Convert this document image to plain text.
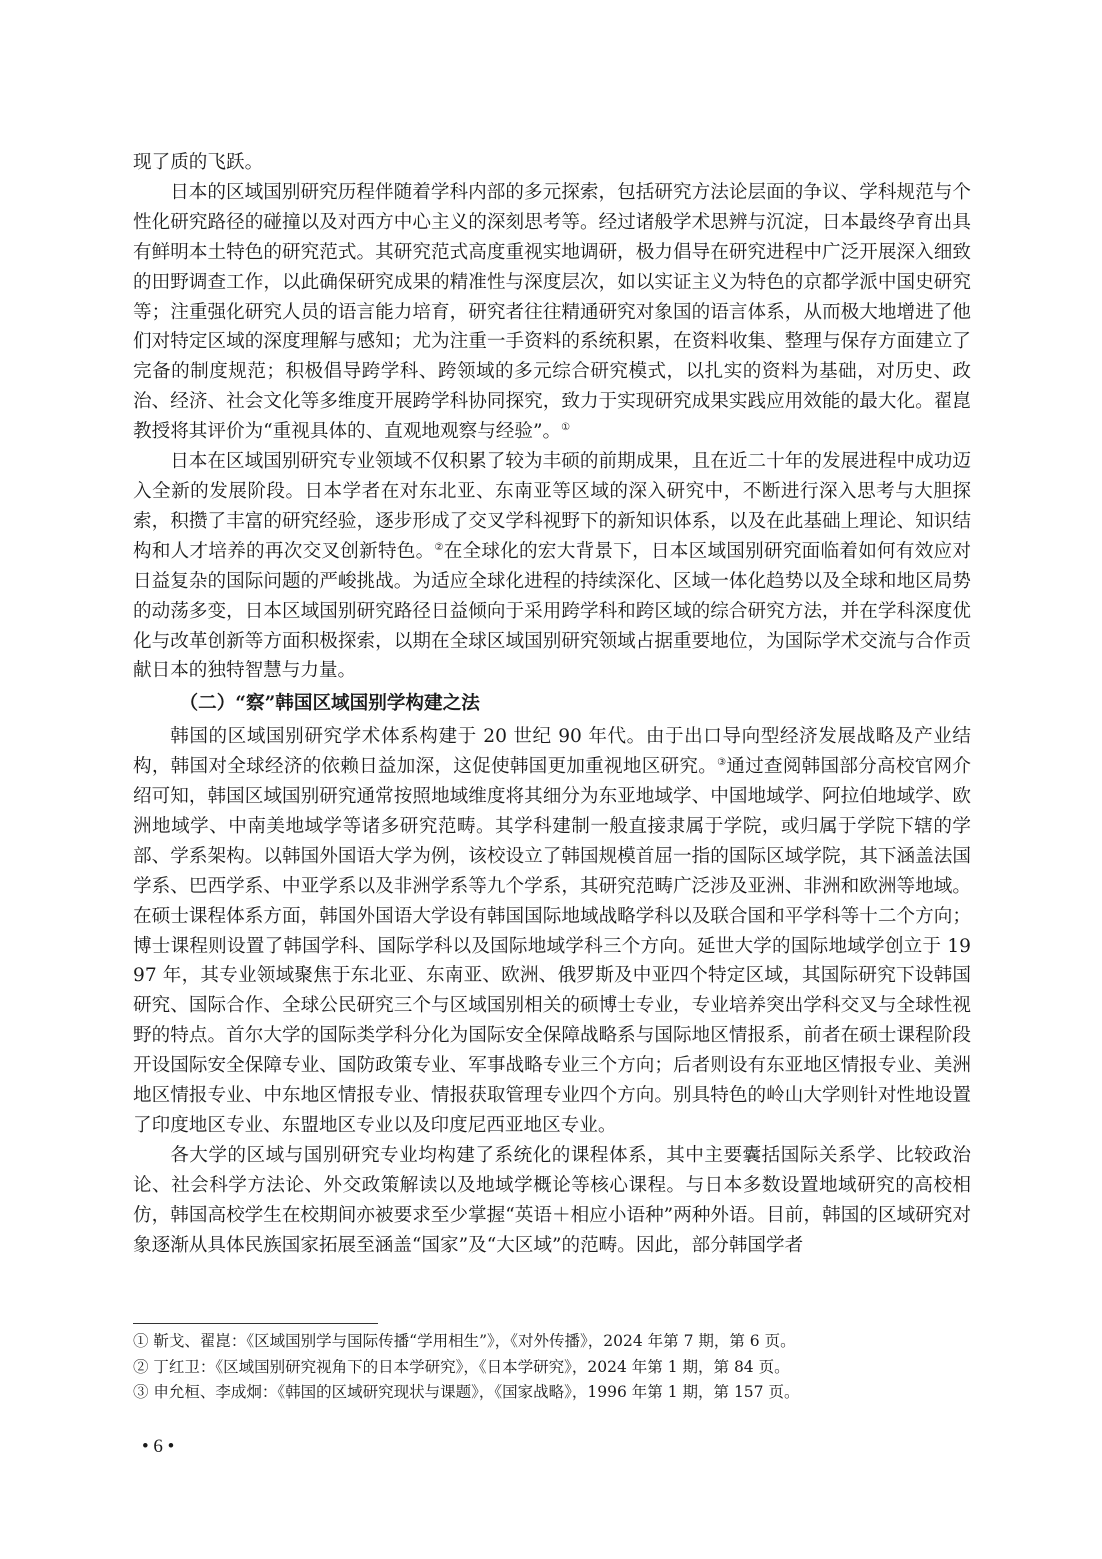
现了质的飞跃。

日本的区域国别研究历程伴随着学科内部的多元探索，包括研究方法论层面的争议、学科规范与个性化研究路径的碰撞以及对西方中心主义的深刻思考等。经过诸般学术思辨与沉淀，日本最终孕育出具有鲜明本土特色的研究范式。其研究范式高度重视实地调研，极力倡导在研究进程中广泛开展深入细致的田野调查工作，以此确保研究成果的精准性与深度层次，如以实证主义为特色的京都学派中国史研究等；注重强化研究人员的语言能力培育，研究者往往精通研究对象国的语言体系，从而极大地增进了他们对特定区域的深度理解与感知；尤为注重一手资料的系统积累，在资料收集、整理与保存方面建立了完备的制度规范；积极倡导跨学科、跨领域的多元综合研究模式，以扎实的资料为基础，对历史、政治、经济、社会文化等多维度开展跨学科协同探究，致力于实现研究成果实践应用效能的最大化。翟崑教授将其评价为“重视具体的、直观地观察与经验”。①

日本在区域国别研究专业领域不仅积累了较为丰硕的前期成果，且在近二十年的发展进程中成功迈入全新的发展阶段。日本学者在对东北亚、东南亚等区域的深入研究中，不断进行深入思考与大胆探索，积攒了丰富的研究经验，逐步形成了交叉学科视野下的新知识体系，以及在此基础上理论、知识结构和人才培养的再次交叉创新特色。②在全球化的宏大背景下，日本区域国别研究面临着如何有效应对日益复杂的国际问题的严峻挑战。为适应全球化进程的持续深化、区域一体化趋势以及全球和地区局势的动荡多变，日本区域国别研究路径日益倾向于采用跨学科和跨区域的综合研究方法，并在学科深度优化与改革创新等方面积极探索，以期在全球区域国别研究领域占据重要地位，为国际学术交流与合作贡献日本的独特智慧与力量。

（二）“察”韩国区域国别学构建之法

韩国的区域国别研究学术体系构建于 20 世纪 90 年代。由于出口导向型经济发展战略及产业结构，韩国对全球经济的依赖日益加深，这促使韩国更加重视地区研究。③通过查阅韩国部分高校官网介绍可知，韩国区域国别研究通常按照地域维度将其细分为东亚地域学、中国地域学、阿拉伯地域学、欧洲地域学、中南美地域学等诸多研究范畴。其学科建制一般直接隶属于学院，或归属于学院下辖的学部、学系架构。以韩国外国语大学为例，该校设立了韩国规模首屈一指的国际区域学院，其下涵盖法国学系、巴西学系、中亚学系以及非洲学系等九个学系，其研究范畴广泛涉及亚洲、非洲和欧洲等地域。在硕士课程体系方面，韩国外国语大学设有韩国国际地域战略学科以及联合国和平学科等十二个方向；博士课程则设置了韩国学科、国际学科以及国际地域学科三个方向。延世大学的国际地域学创立于 1997 年，其专业领域聚焦于东北亚、东南亚、欧洲、俄罗斯及中亚四个特定区域，其国际研究下设韩国研究、国际合作、全球公民研究三个与区域国别相关的硕博士专业，专业培养突出学科交叉与全球性视野的特点。首尔大学的国际类学科分化为国际安全保障战略系与国际地区情报系，前者在硕士课程阶段开设国际安全保障专业、国防政策专业、军事战略专业三个方向；后者则设有东亚地区情报专业、美洲地区情报专业、中东地区情报专业、情报获取管理专业四个方向。别具特色的岭山大学则针对性地设置了印度地区专业、东盟地区专业以及印度尼西亚地区专业。

各大学的区域与国别研究专业均构建了系统化的课程体系，其中主要囊括国际关系学、比较政治论、社会科学方法论、外交政策解读以及地域学概论等核心课程。与日本多数设置地域研究的高校相仿，韩国高校学生在校期间亦被要求至少掌握“英语＋相应小语种”两种外语。目前，韩国的区域研究对象逐渐从具体民族国家拓展至涵盖“国家”及“大区域”的范畴。因此，部分韩国学者

① 靳戈、翟崑：《区域国别学与国际传播“学用相生”》，《对外传播》，2024 年第 7 期，第 6 页。

② 丁红卫：《区域国别研究视角下的日本学研究》，《日本学研究》，2024 年第 1 期，第 84 页。

③ 申允桓、李成炯：《韩国的区域研究现状与课题》，《国家战略》，1996 年第 1 期，第 157 页。

• 6 •
